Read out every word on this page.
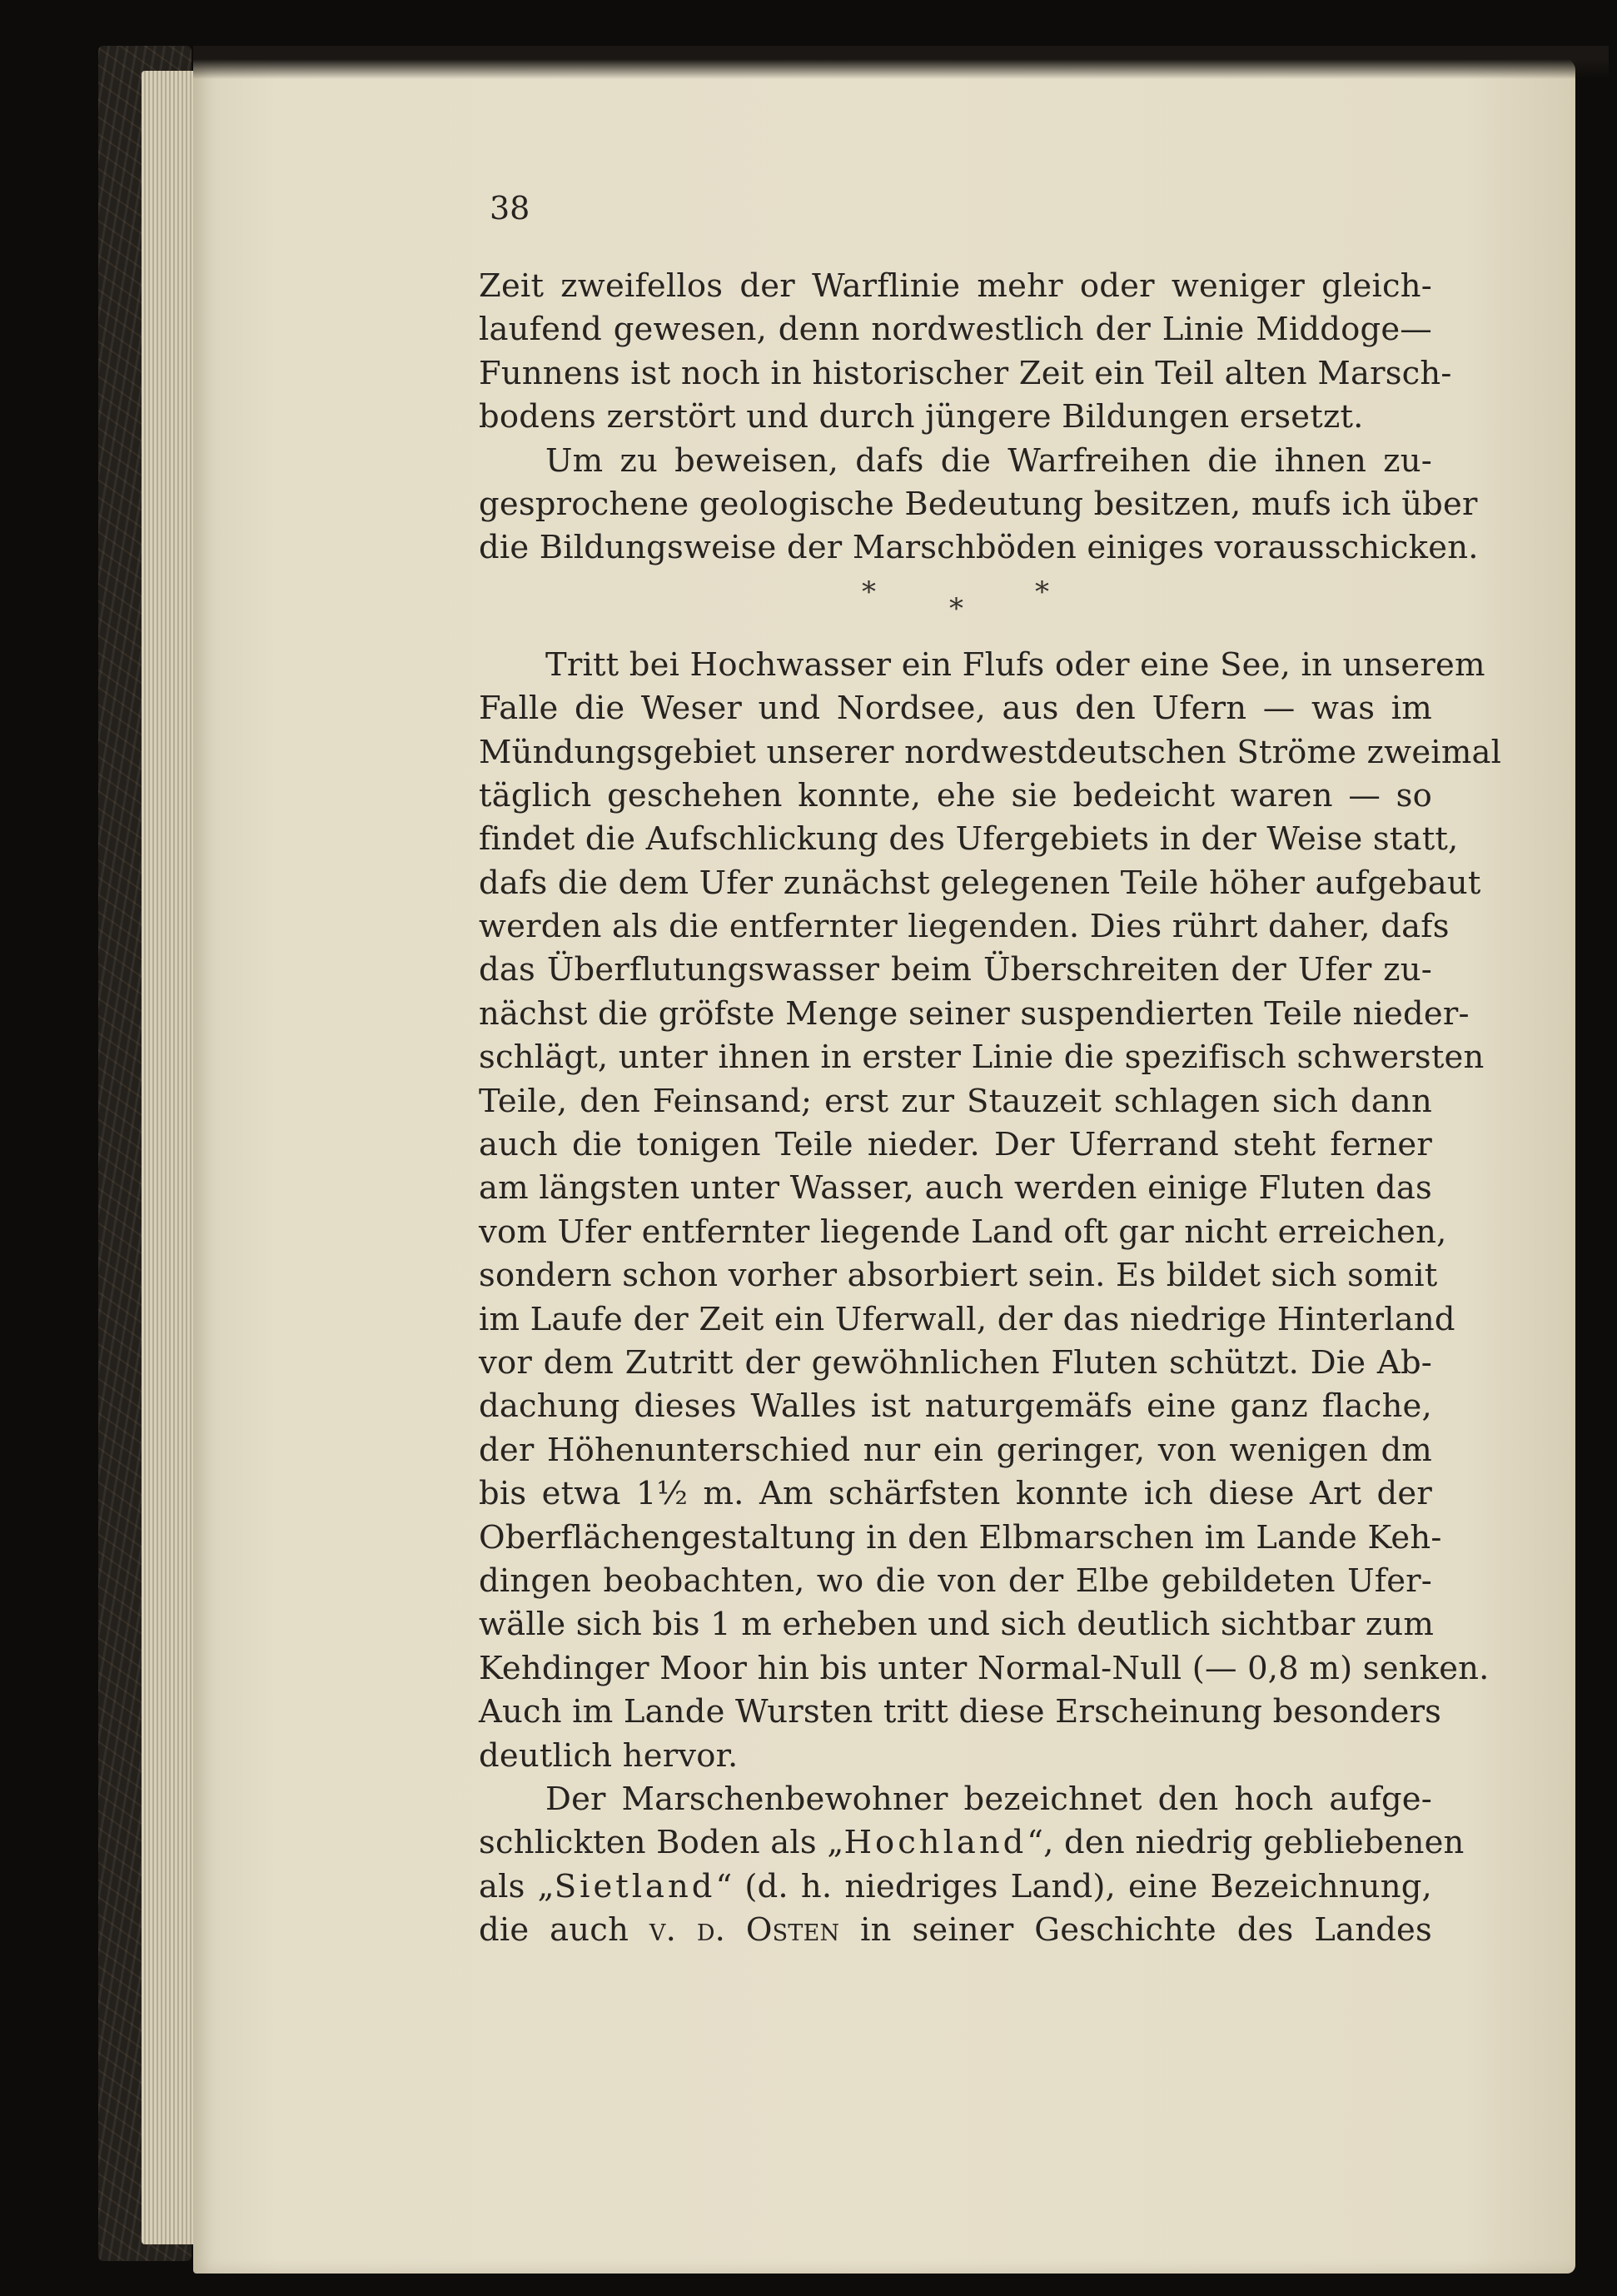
38
Zeit zweifellos der Warflinie mehr oder weniger gleich-
laufend gewesen, denn nordwestlich der Linie Middoge—
Funnens ist noch in historischer Zeit ein Teil alten Marsch-
bodens zerstört und durch jüngere Bildungen ersetzt.
Um zu beweisen, dafs die Warfreihen die ihnen zu-
gesprochene geologische Bedeutung besitzen, mufs ich über
die Bildungsweise der Marschböden einiges vorausschicken.
*	*	*
Tritt bei Hochwasser ein Flufs oder eine See, in unserem
Falle die Weser und Nordsee, aus den Ufern — was im
Mündungsgebiet unserer nordwestdeutschen Ströme zweimal
täglich geschehen konnte, ehe sie bedeicht waren — so
findet die Aufschlickung des Ufergebiets in der Weise statt,
dafs die dem Ufer zunächst gelegenen Teile höher aufgebaut
werden als die entfernter liegenden. Dies rührt daher, dafs
das Überflutungswasser beim Überschreiten der Ufer zu-
nächst die gröfste Menge seiner suspendierten Teile nieder-
schlägt, unter ihnen in erster Linie die spezifisch schwersten
Teile, den Feinsand; erst zur Stauzeit schlagen sich dann
auch die tonigen Teile nieder. Der Uferrand steht ferner
am längsten unter Wasser, auch werden einige Fluten das
vom Ufer entfernter liegende Land oft gar nicht erreichen,
sondern schon vorher absorbiert sein. Es bildet sich somit
im Laufe der Zeit ein Uferwall, der das niedrige Hinterland
vor dem Zutritt der gewöhnlichen Fluten schützt. Die Ab-
dachung dieses Walles ist naturgemäfs eine ganz flache,
der Höhenunterschied nur ein geringer, von wenigen dm
bis etwa 1½ m. Am schärfsten konnte ich diese Art der
Oberflächengestaltung in den Elbmarschen im Lande Keh-
dingen beobachten, wo die von der Elbe gebildeten Ufer-
wälle sich bis 1 m erheben und sich deutlich sichtbar zum
Kehdinger Moor hin bis unter Normal-Null (— 0,8 m) senken.
Auch im Lande Wursten tritt diese Erscheinung besonders
deutlich hervor.
Der Marschenbewohner bezeichnet den hoch aufge-
schlickten Boden als „Hochland“, den niedrig gebliebenen
als „Sietland“ (d. h. niedriges Land), eine Bezeichnung,
die auch v. d. Osten in seiner Geschichte des Landes
